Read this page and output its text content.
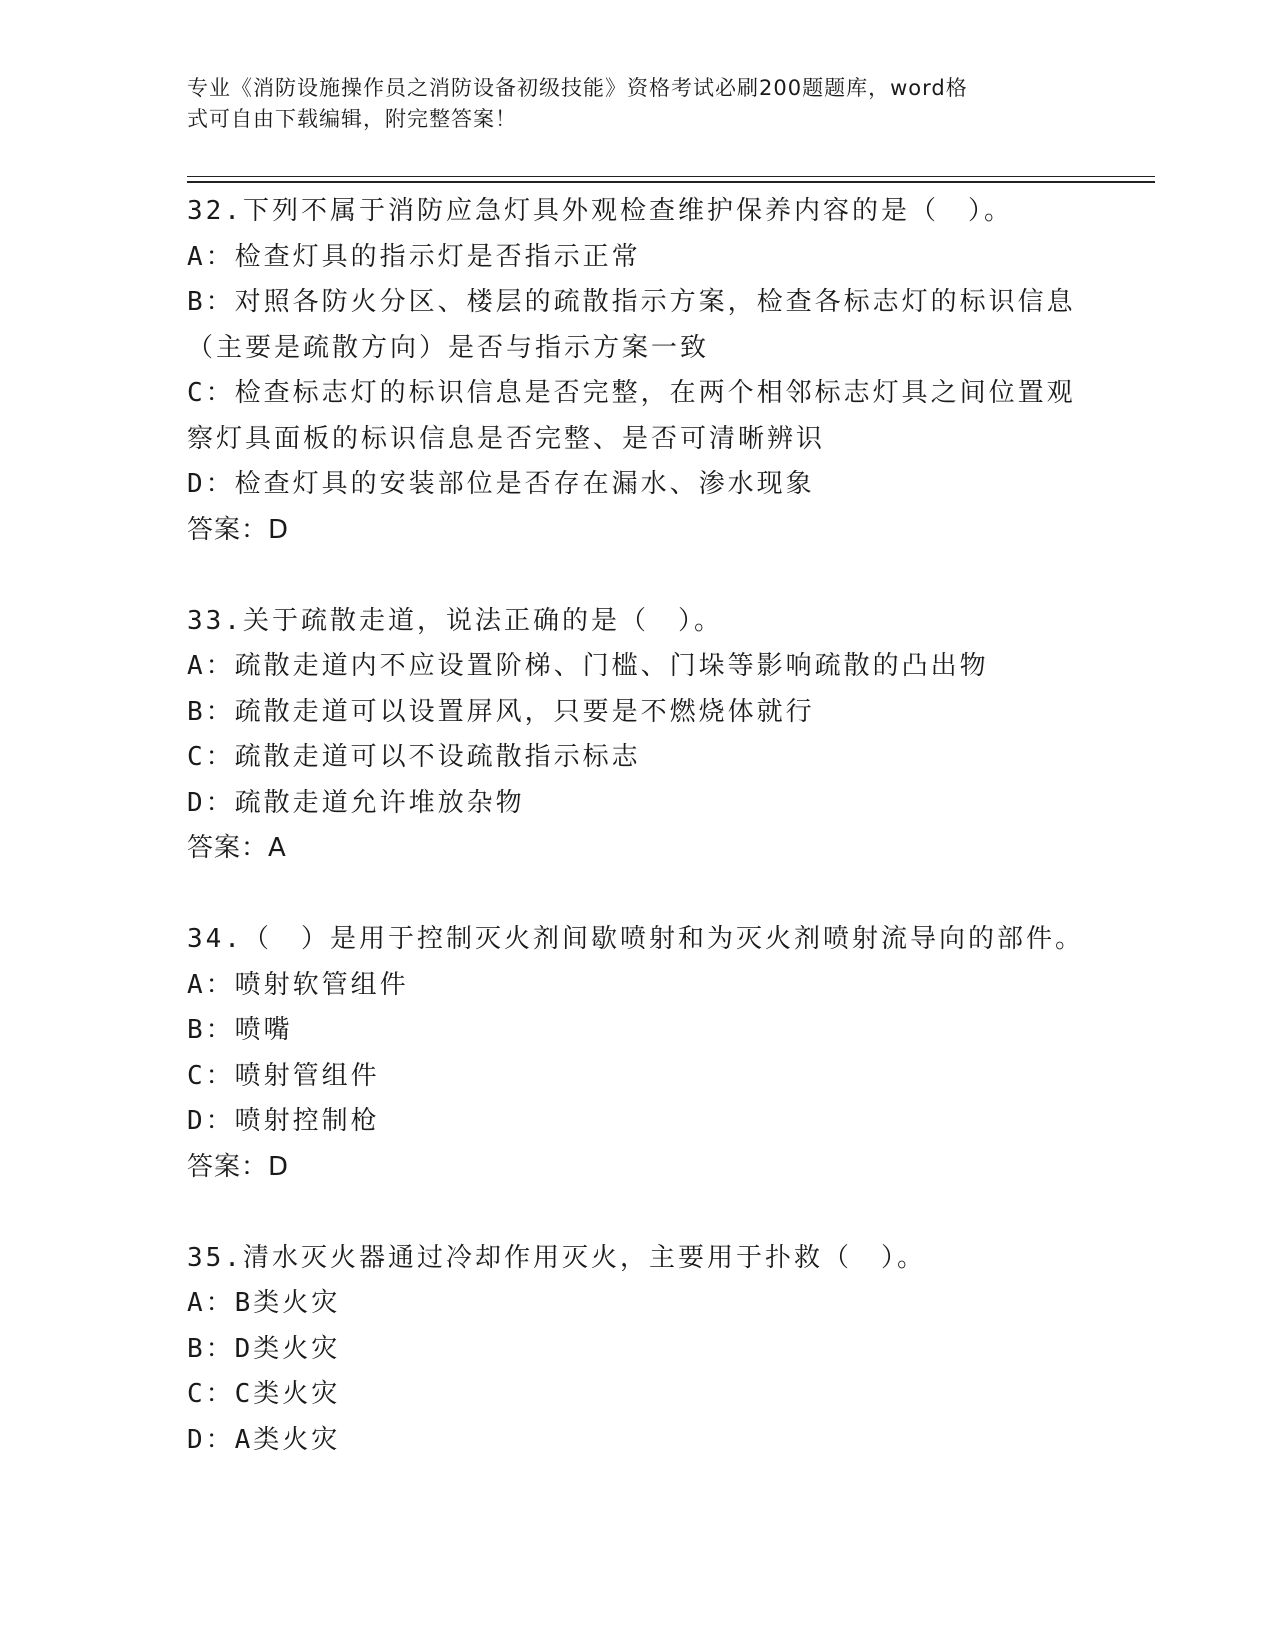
专业《消防设施操作员之消防设备初级技能》资格考试必刷200题题库，word格
式可自由下载编辑，附完整答案！
32.下列不属于消防应急灯具外观检查维护保养内容的是（　）。
A：检查灯具的指示灯是否指示正常
B：对照各防火分区、楼层的疏散指示方案，检查各标志灯的标识信息
（主要是疏散方向）是否与指示方案一致
C：检查标志灯的标识信息是否完整，在两个相邻标志灯具之间位置观
察灯具面板的标识信息是否完整、是否可清晰辨识
D：检查灯具的安装部位是否存在漏水、渗水现象
答案：D
33.关于疏散走道，说法正确的是（　）。
A：疏散走道内不应设置阶梯、门槛、门垛等影响疏散的凸出物
B：疏散走道可以设置屏风，只要是不燃烧体就行
C：疏散走道可以不设疏散指示标志
D：疏散走道允许堆放杂物
答案：A
34.（　）是用于控制灭火剂间歇喷射和为灭火剂喷射流导向的部件。
A：喷射软管组件
B：喷嘴
C：喷射管组件
D：喷射控制枪
答案：D
35.清水灭火器通过冷却作用灭火，主要用于扑救（　）。
A：B类火灾
B：D类火灾
C：C类火灾
D：A类火灾
